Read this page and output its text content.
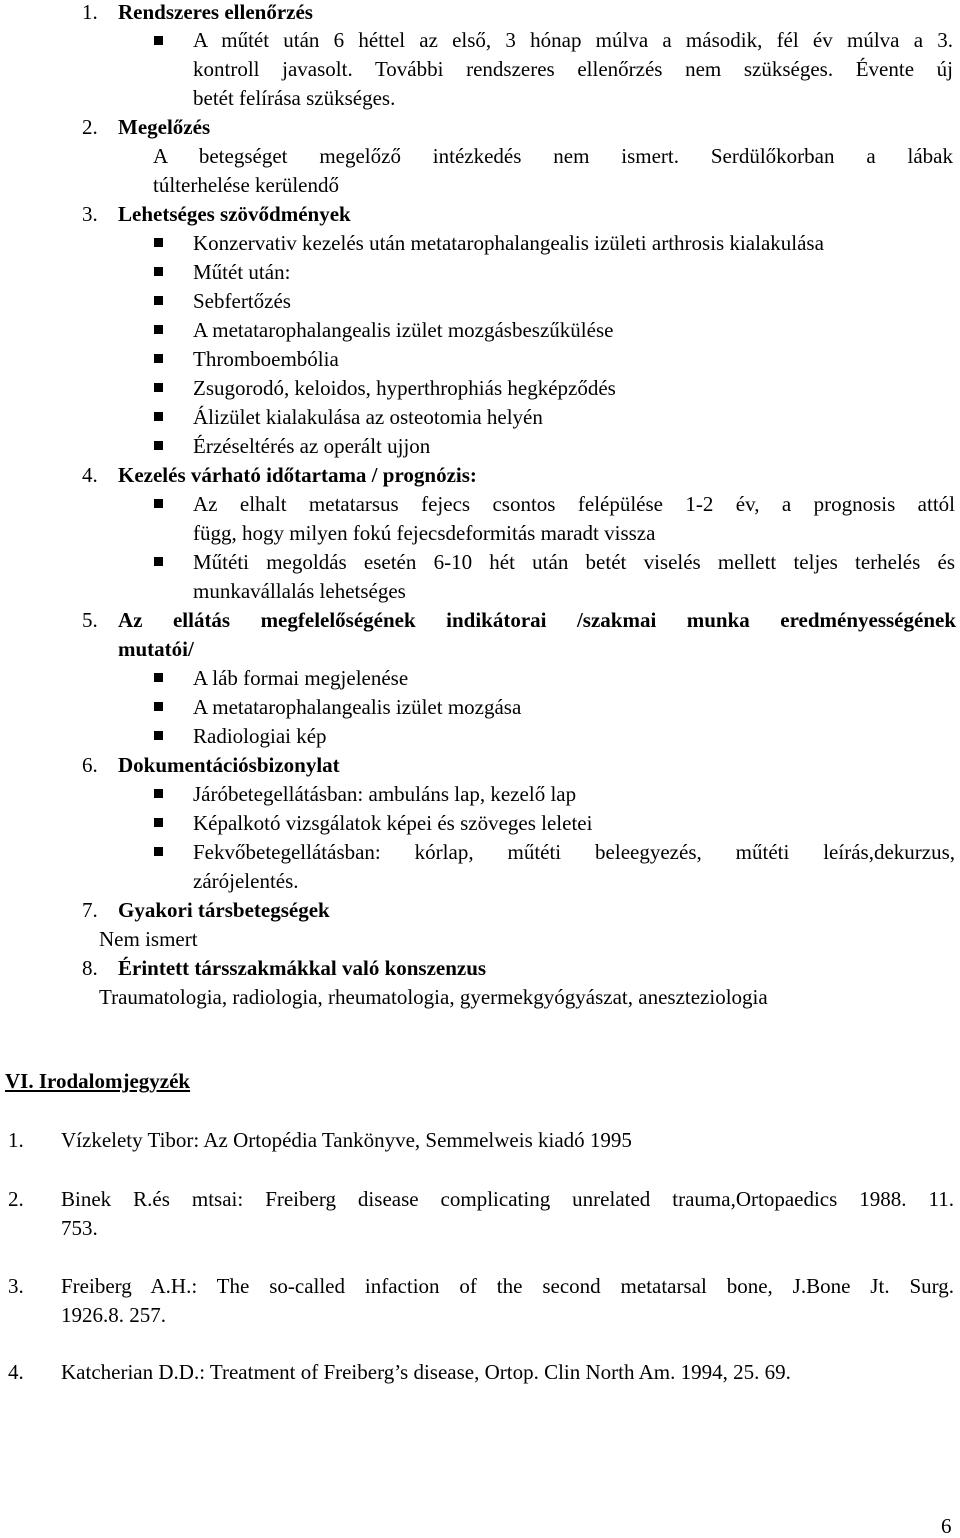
1. Rendszeres ellenőrzés
A műtét után 6 héttel az első, 3 hónap múlva a második, fél év múlva a 3.
kontroll javasolt. További rendszeres ellenőrzés nem szükséges. Évente új
betét felírása szükséges.
2. Megelőzés
A betegséget megelőző intézkedés nem ismert. Serdülőkorban a lábak
túlterhelése kerülendő
3. Lehetséges szövődmények
Konzervativ kezelés után metatarophalangealis izületi arthrosis kialakulása
Műtét után:
Sebfertőzés
A metatarophalangealis izület mozgásbeszűkülése
Thromboembólia
Zsugorodó, keloidos, hyperthrophiás hegképződés
Álizület kialakulása az osteotomia helyén
Érzéseltérés az operált ujjon
4. Kezelés várható időtartama / prognózis:
Az elhalt metatarsus fejecs csontos felépülése 1-2 év, a prognosis attól
függ, hogy milyen fokú fejecsdeformitás maradt vissza
Műtéti megoldás esetén 6-10 hét után betét viselés mellett teljes terhelés és
munkavállalás lehetséges
5. Az ellátás megfelelőségének indikátorai /szakmai munka eredményességének
mutatói/
A láb formai megjelenése
A metatarophalangealis izület mozgása
Radiologiai kép
6. Dokumentációsbizonylat
Járóbetegellátásban: ambuláns lap, kezelő lap
Képalkotó vizsgálatok képei és szöveges leletei
Fekvőbetegellátásban: kórlap, műtéti beleegyezés, műtéti leírás,dekurzus,
zárójelentés.
7. Gyakori társbetegségek
Nem ismert
8. Érintett társszakmákkal való konszenzus
Traumatologia, radiologia, rheumatologia, gyermekgyógyászat, aneszteziologia
VI. Irodalomjegyzék
1. Vízkelety Tibor: Az Ortopédia Tankönyve, Semmelweis kiadó 1995
2. Binek R.és mtsai: Freiberg disease complicating unrelated trauma,Ortopaedics 1988. 11.
753.
3. Freiberg A.H.: The so-called infaction of the second metatarsal bone, J.Bone Jt. Surg.
1926.8. 257.
4. Katcherian D.D.: Treatment of Freiberg’s disease, Ortop. Clin North Am. 1994, 25. 69.
6
